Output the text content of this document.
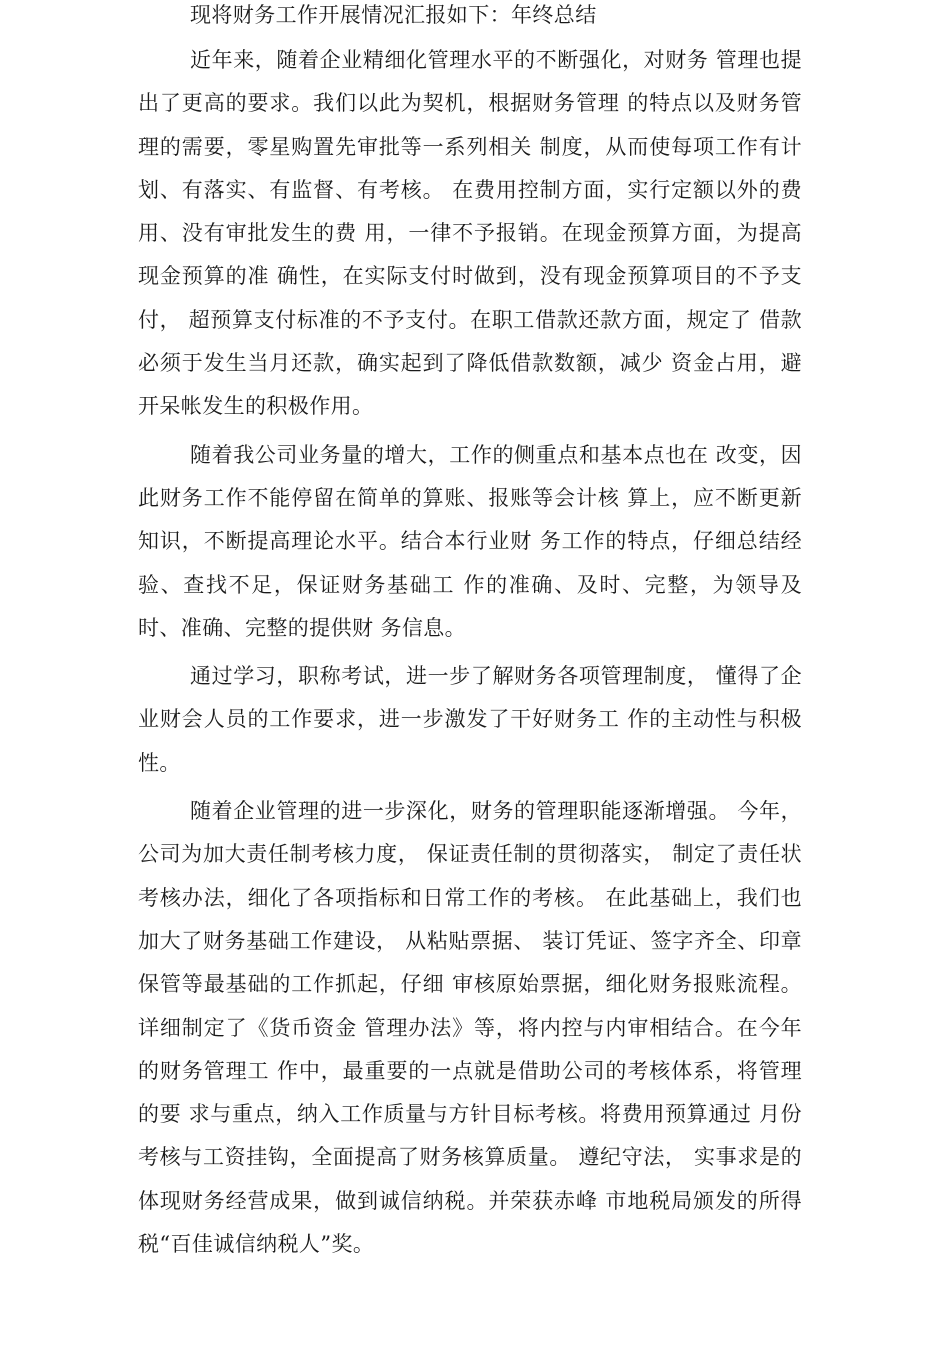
现将财务工作开展情况汇报如下：年终总结

近年来，随着企业精细化管理水平的不断强化，对财务 管理也提出了更高的要求。我们以此为契机，根据财务管理 的特点以及财务管理的需要，零星购置先审批等一系列相关 制度，从而使每项工作有计划、有落实、有监督、有考核。 在费用控制方面，实行定额以外的费用、没有审批发生的费 用，一律不予报销。在现金预算方面，为提高现金预算的准 确性，在实际支付时做到，没有现金预算项目的不予支付， 超预算支付标准的不予支付。在职工借款还款方面，规定了 借款必须于发生当月还款，确实起到了降低借款数额，减少 资金占用，避开呆帐发生的积极作用。

随着我公司业务量的增大，工作的侧重点和基本点也在 改变，因此财务工作不能停留在简单的算账、报账等会计核 算上，应不断更新知识，不断提高理论水平。结合本行业财 务工作的特点，仔细总结经验、查找不足，保证财务基础工 作的准确、及时、完整，为领导及时、准确、完整的提供财 务信息。

通过学习，职称考试，进一步了解财务各项管理制度， 懂得了企业财会人员的工作要求，进一步激发了干好财务工 作的主动性与积极性。

随着企业管理的进一步深化，财务的管理职能逐渐增强。 今年，公司为加大责任制考核力度， 保证责任制的贯彻落实， 制定了责任状考核办法，细化了各项指标和日常工作的考核。 在此基础上，我们也加大了财务基础工作建设， 从粘贴票据、 装订凭证、签字齐全、印章保管等最基础的工作抓起，仔细 审核原始票据，细化财务报账流程。详细制定了《货币资金 管理办法》等，将内控与内审相结合。在今年的财务管理工 作中，最重要的一点就是借助公司的考核体系，将管理的要 求与重点，纳入工作质量与方针目标考核。将费用预算通过 月份考核与工资挂钩，全面提高了财务核算质量。 遵纪守法， 实事求是的体现财务经营成果，做到诚信纳税。并荣获赤峰 市地税局颁发的所得税“百佳诚信纳税人”奖。
